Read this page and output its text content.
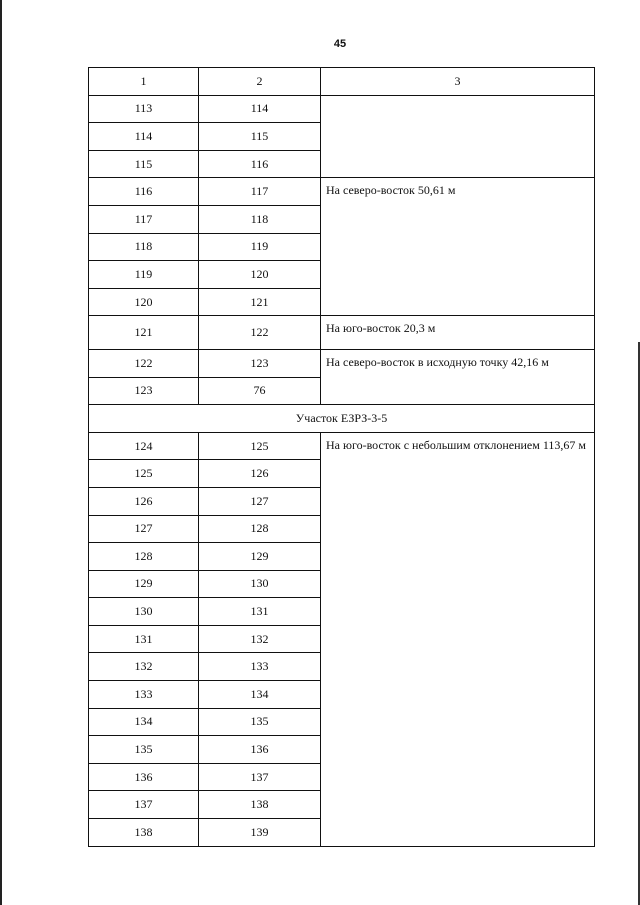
45
1	2	3
113	114	
114	115	
115	116	
116	117	На северо-восток 50,61 м
117	118	
118	119	
119	120	
120	121	
121	122	На юго-восток 20,3 м
122	123	На северо-восток в исходную точку 42,16 м
123	76	
Участок ЕЗРЗ-3-5		
124	125	На юго-восток с небольшим отклонением 113,67 м
125	126	
126	127	
127	128	
128	129	
129	130	
130	131	
131	132	
132	133	
133	134	
134	135	
135	136	
136	137	
137	138	
138	139	
